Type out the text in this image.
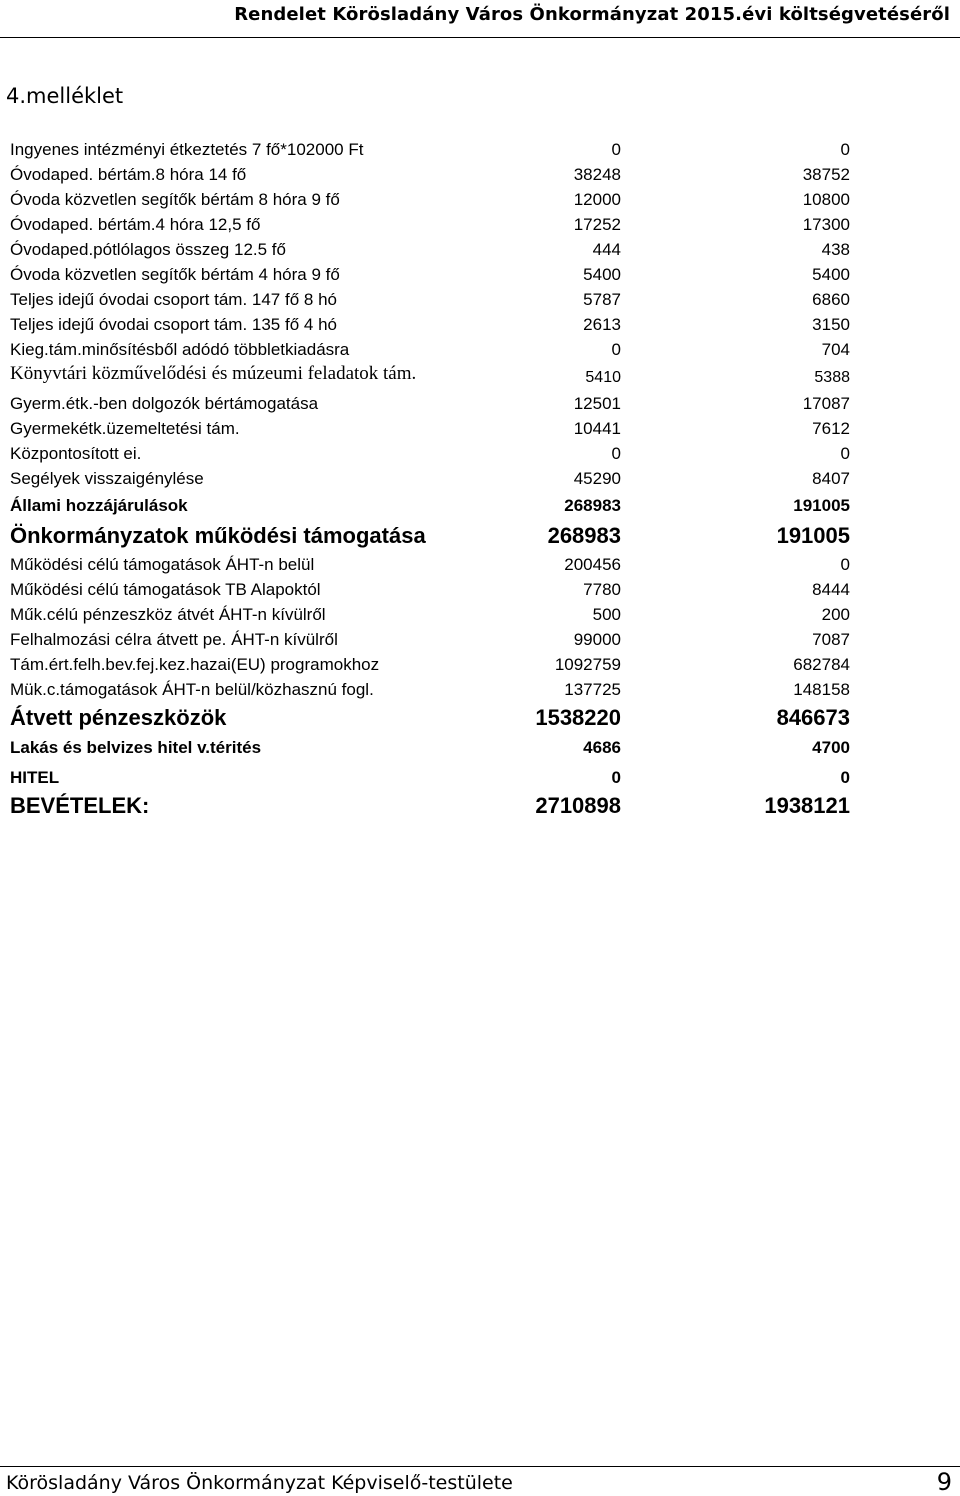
Rendelet Körösladány Város Önkormányzat 2015.évi költségvetéséről
4.melléklet
Ingyenes intézményi étkeztetés 7 fő*102000 Ft	0	0
Óvodaped. bértám.8 hóra 14 fő	38248	38752
Óvoda közvetlen segítők bértám 8 hóra 9 fő	12000	10800
Óvodaped. bértám.4 hóra 12,5 fő	17252	17300
Óvodaped.pótlólagos összeg 12.5 fő	444	438
Óvoda közvetlen segítők bértám 4 hóra 9 fő	5400	5400
Teljes idejű óvodai csoport tám. 147 fő 8 hó	5787	6860
Teljes idejű óvodai csoport tám. 135 fő 4 hó	2613	3150
Kieg.tám.minősítésből adódó többletkiadásra	0	704
Könyvtári közművelődési és múzeumi feladatok tám.	5410	5388
Gyerm.étk.-ben dolgozók bértámogatása	12501	17087
Gyermekétk.üzemeltetési tám.	10441	7612
Központosított ei.	0	0
Segélyek visszaigénylése	45290	8407
Állami hozzájárulások	268983	191005
Önkormányzatok működési támogatása	268983	191005
Működési célú támogatások ÁHT-n belül	200456	0
Működési célú támogatások TB Alapoktól	7780	8444
Műk.célú pénzeszköz átvét ÁHT-n kívülről	500	200
Felhalmozási célra átvett pe. ÁHT-n kívülről	99000	7087
Tám.ért.felh.bev.fej.kez.hazai(EU) programokhoz	1092759	682784
Mük.c.támogatások ÁHT-n belül/közhasznú fogl.	137725	148158
Átvett pénzeszközök	1538220	846673
Lakás és belvizes hitel v.térités	4686	4700
HITEL	0	0
BEVÉTELEK:	2710898	1938121
Körösladány Város Önkormányzat Képviselő-testülete	9
